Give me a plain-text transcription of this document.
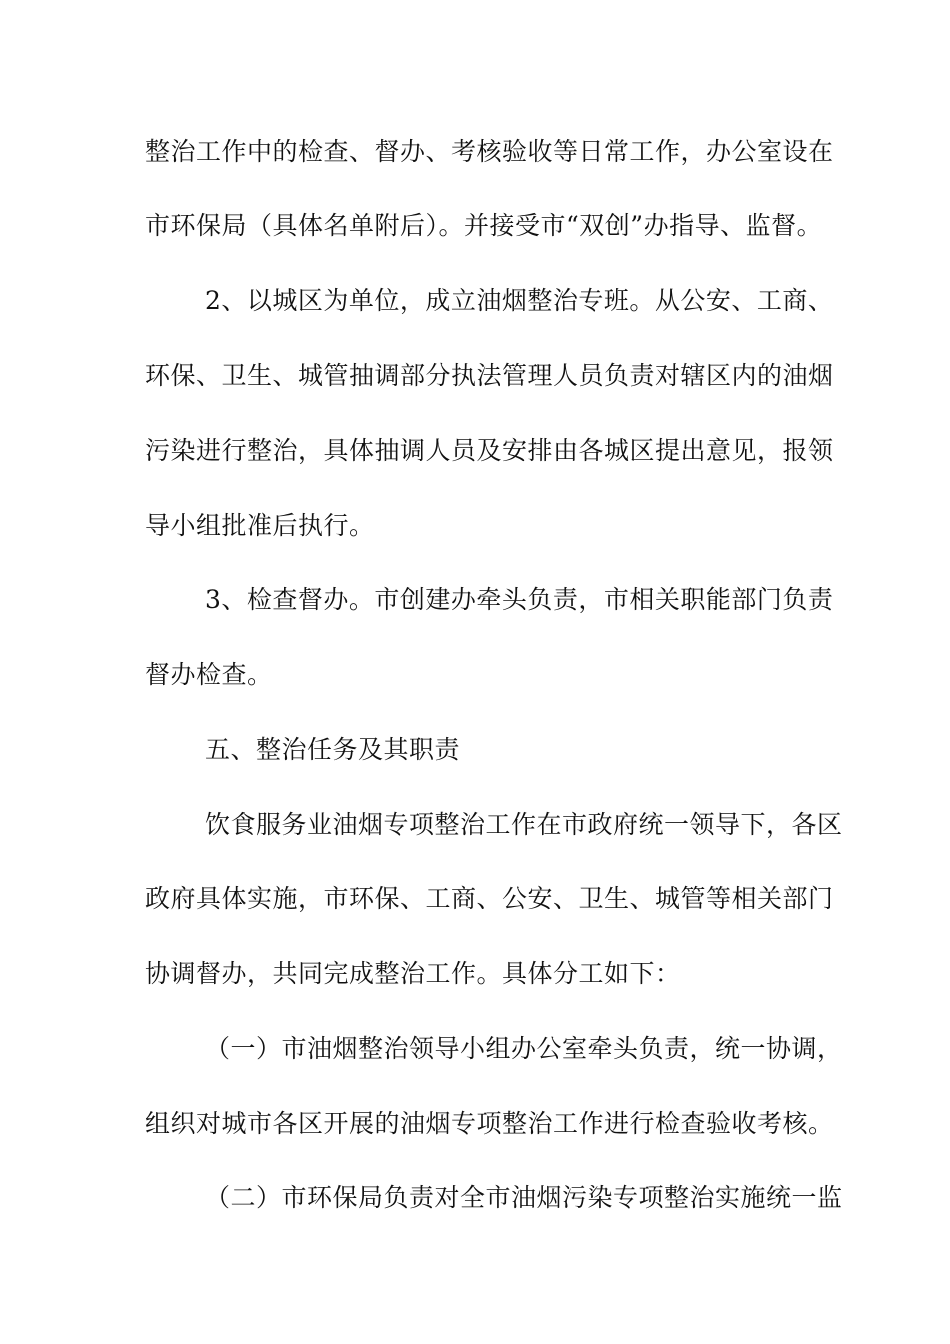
整治工作中的检查、督办、考核验收等日常工作，办公室设在
市环保局（具体名单附后）。并接受市“双创”办指导、监督。
2、以城区为单位，成立油烟整治专班。从公安、工商、
环保、卫生、城管抽调部分执法管理人员负责对辖区内的油烟
污染进行整治，具体抽调人员及安排由各城区提出意见，报领
导小组批准后执行。
3、检查督办。市创建办牵头负责，市相关职能部门负责
督办检查。
五、整治任务及其职责
饮食服务业油烟专项整治工作在市政府统一领导下，各区
政府具体实施，市环保、工商、公安、卫生、城管等相关部门
协调督办，共同完成整治工作。具体分工如下：
（一）市油烟整治领导小组办公室牵头负责，统一协调，
组织对城市各区开展的油烟专项整治工作进行检查验收考核。
（二）市环保局负责对全市油烟污染专项整治实施统一监
